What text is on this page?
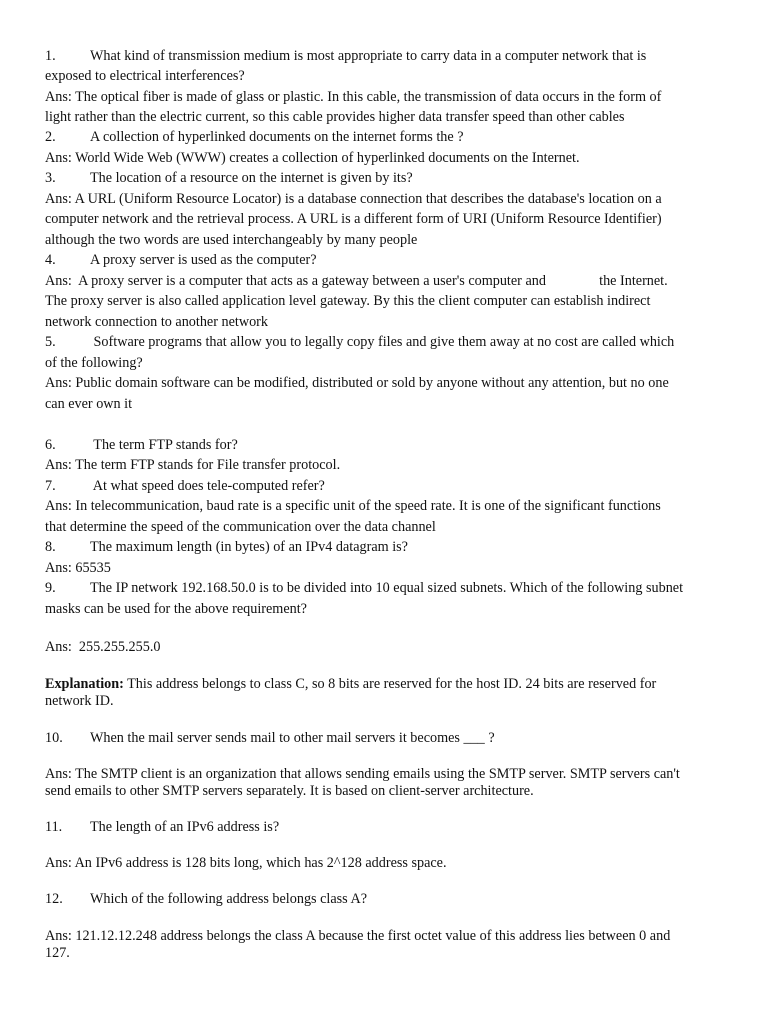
1. What kind of transmission medium is most appropriate to carry data in a computer network that is
exposed to electrical interferences?
Ans: The optical fiber is made of glass or plastic. In this cable, the transmission of data occurs in the form of
light rather than the electric current, so this cable provides higher data transfer speed than other cables
2. A collection of hyperlinked documents on the internet forms the ?
Ans: World Wide Web (WWW) creates a collection of hyperlinked documents on the Internet.
3. The location of a resource on the internet is given by its?
Ans: A URL (Uniform Resource Locator) is a database connection that describes the database's location on a
computer network and the retrieval process. A URL is a different form of URI (Uniform Resource Identifier)
although the two words are used interchangeably by many people
4. A proxy server is used as the computer?
Ans:  A proxy server is a computer that acts as a gateway between a user's computer and               the Internet.
The proxy server is also called application level gateway. By this the client computer can establish indirect
network connection to another network
5. Software programs that allow you to legally copy files and give them away at no cost are called which
of the following?
Ans: Public domain software can be modified, distributed or sold by anyone without any attention, but no one
can ever own it
6. The term FTP stands for?
Ans: The term FTP stands for File transfer protocol.
7. At what speed does tele-computed refer?
Ans: In telecommunication, baud rate is a specific unit of the speed rate. It is one of the significant functions
that determine the speed of the communication over the data channel
8. The maximum length (in bytes) of an IPv4 datagram is?
Ans: 65535
9. The IP network 192.168.50.0 is to be divided into 10 equal sized subnets. Which of the following subnet
masks can be used for the above requirement?
Ans:  255.255.255.0
Explanation: This address belongs to class C, so 8 bits are reserved for the host ID. 24 bits are reserved for
network ID.
10. When the mail server sends mail to other mail servers it becomes ___ ?
Ans: The SMTP client is an organization that allows sending emails using the SMTP server. SMTP servers can't
send emails to other SMTP servers separately. It is based on client-server architecture.
11. The length of an IPv6 address is?
Ans: An IPv6 address is 128 bits long, which has 2^128 address space.
12. Which of the following address belongs class A?
Ans: 121.12.12.248 address belongs the class A because the first octet value of this address lies between 0 and
127.
